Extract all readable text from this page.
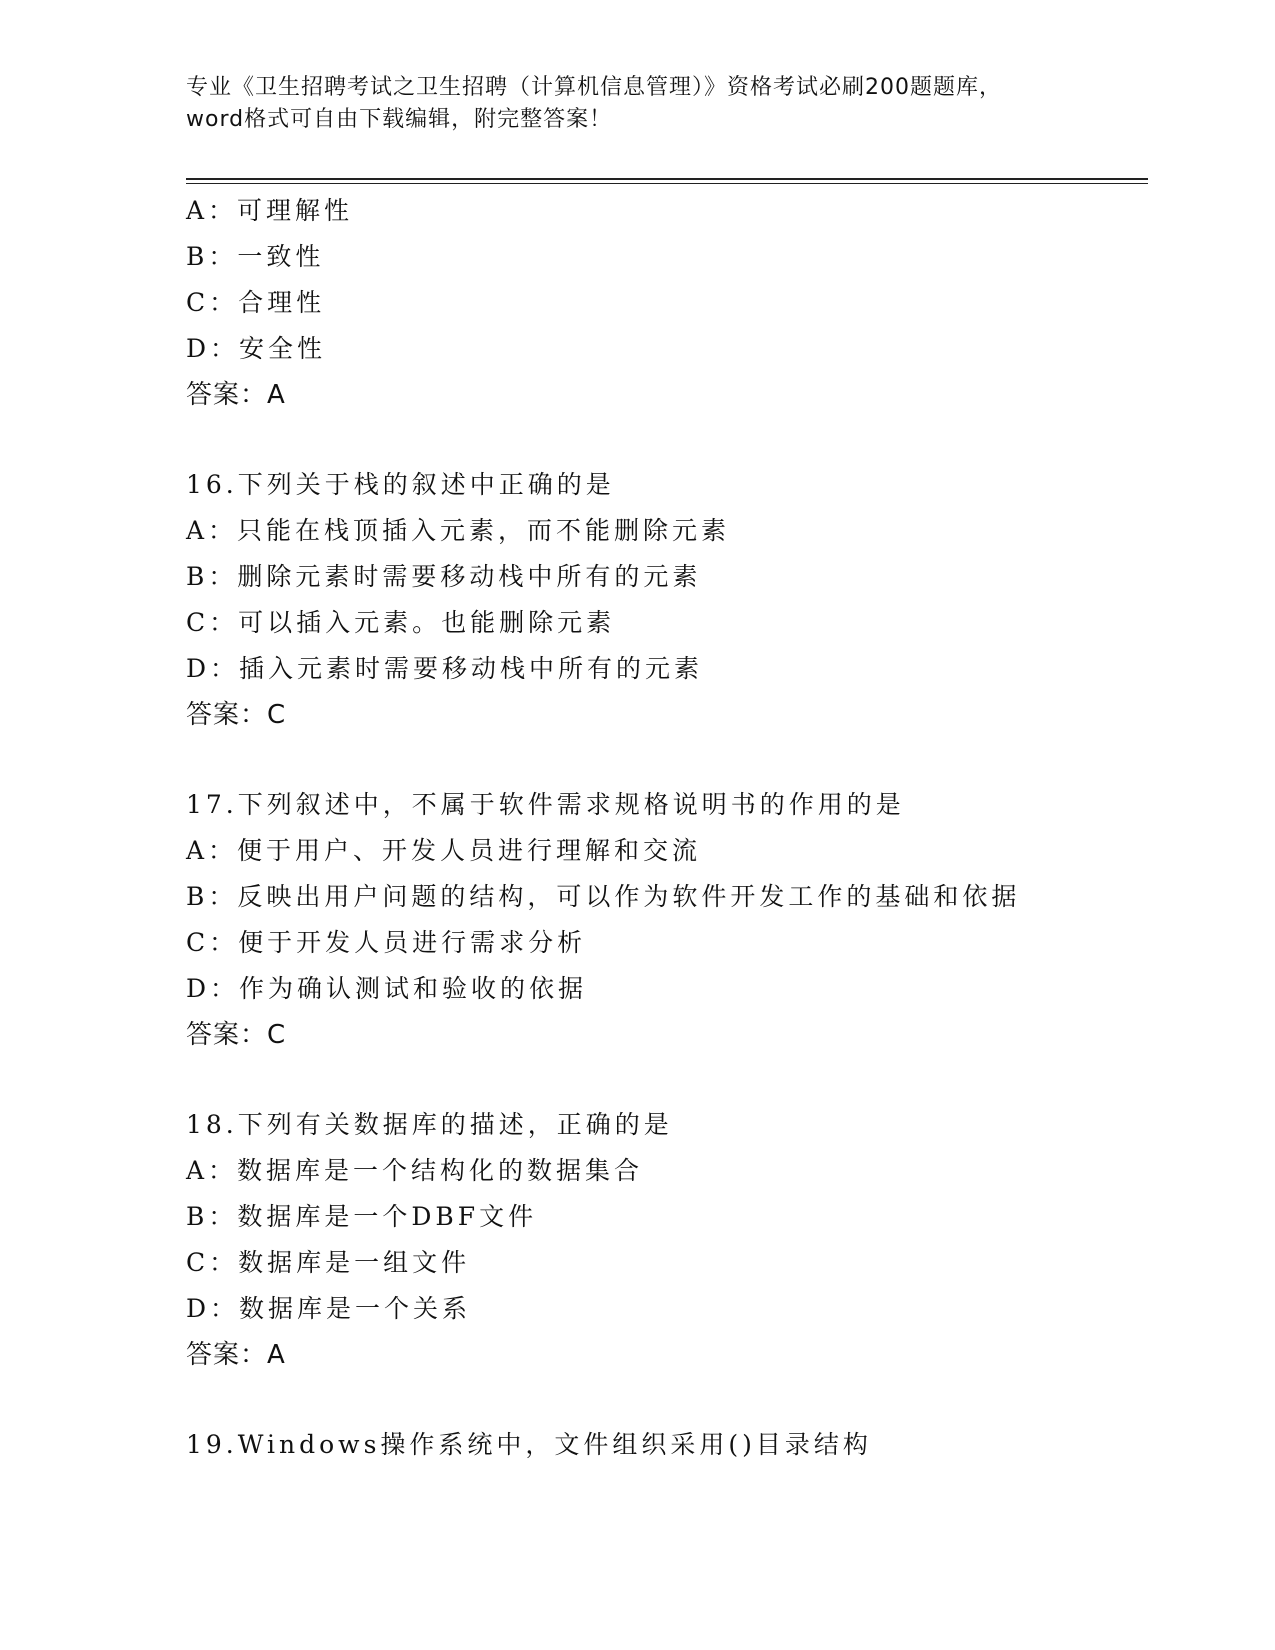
专业《卫生招聘考试之卫生招聘（计算机信息管理）》资格考试必刷200题题库，
word格式可自由下载编辑，附完整答案！
A：可理解性
B：一致性
C：合理性
D：安全性
答案：A
16.下列关于栈的叙述中正确的是
A：只能在栈顶插入元素，而不能删除元素
B：删除元素时需要移动栈中所有的元素
C：可以插入元素。也能删除元素
D：插入元素时需要移动栈中所有的元素
答案：C
17.下列叙述中，不属于软件需求规格说明书的作用的是
A：便于用户、开发人员进行理解和交流
B：反映出用户问题的结构，可以作为软件开发工作的基础和依据
C：便于开发人员进行需求分析
D：作为确认测试和验收的依据
答案：C
18.下列有关数据库的描述，正确的是
A：数据库是一个结构化的数据集合
B：数据库是一个DBF文件
C：数据库是一组文件
D：数据库是一个关系
答案：A
19.Windows操作系统中，文件组织采用()目录结构
